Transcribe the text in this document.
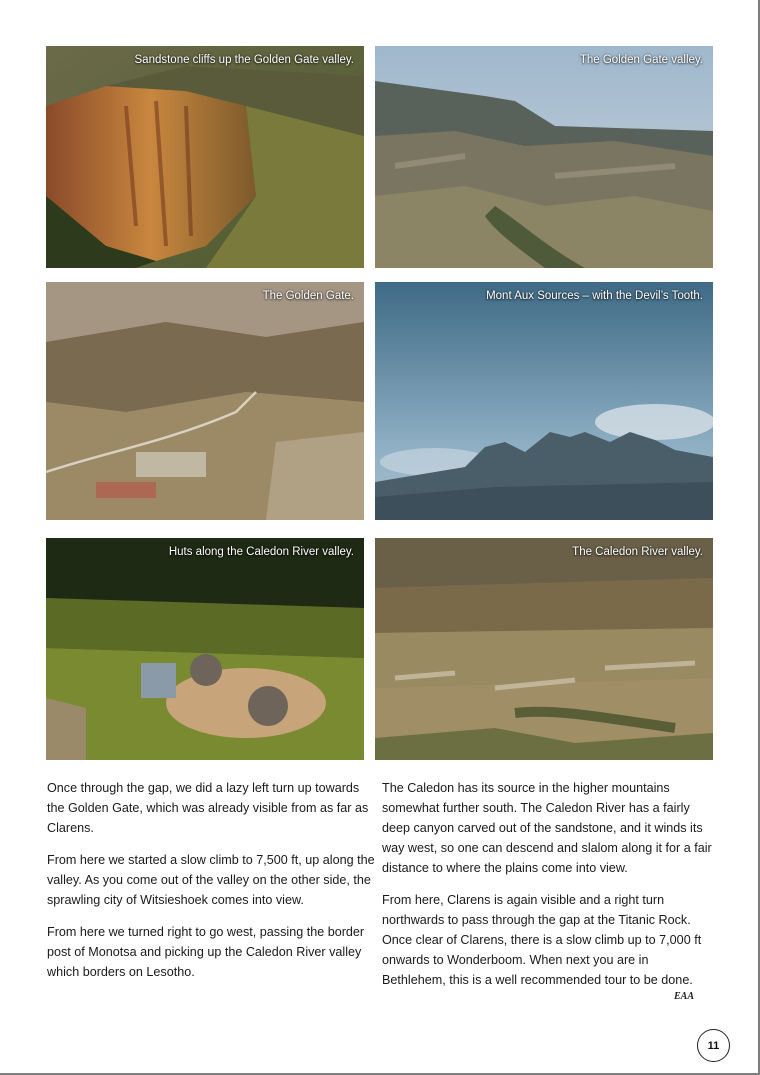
Sandstone cliffs up the Golden Gate valley.	The Golden Gate valley.
The Golden Gate.	Mont Aux Sources – with the Devil’s Tooth.
Huts along the Caledon River valley.	The Caledon River valley.

Once through the gap, we did a lazy left turn up towards the Golden Gate, which was already visible from as far as Clarens.

From here we started a slow climb to 7,500 ft, up along the valley. As you come out of the valley on the other side, the sprawling city of Witsieshoek comes into view.

From here we turned right to go west, passing the border post of Monotsa and picking up the Caledon River valley which borders on Lesotho.

The Caledon has its source in the higher mountains somewhat further south. The Caledon River has a fairly deep canyon carved out of the sandstone, and it winds its way west, so one can descend and slalom along it for a fair distance to where the plains come into view.

From here, Clarens is again visible and a right turn northwards to pass through the gap at the Titanic Rock. Once clear of Clarens, there is a slow climb up to 7,000 ft onwards to Wonderboom. When next you are in Bethlehem, this is a well recommended tour to be done.

EAA
11
